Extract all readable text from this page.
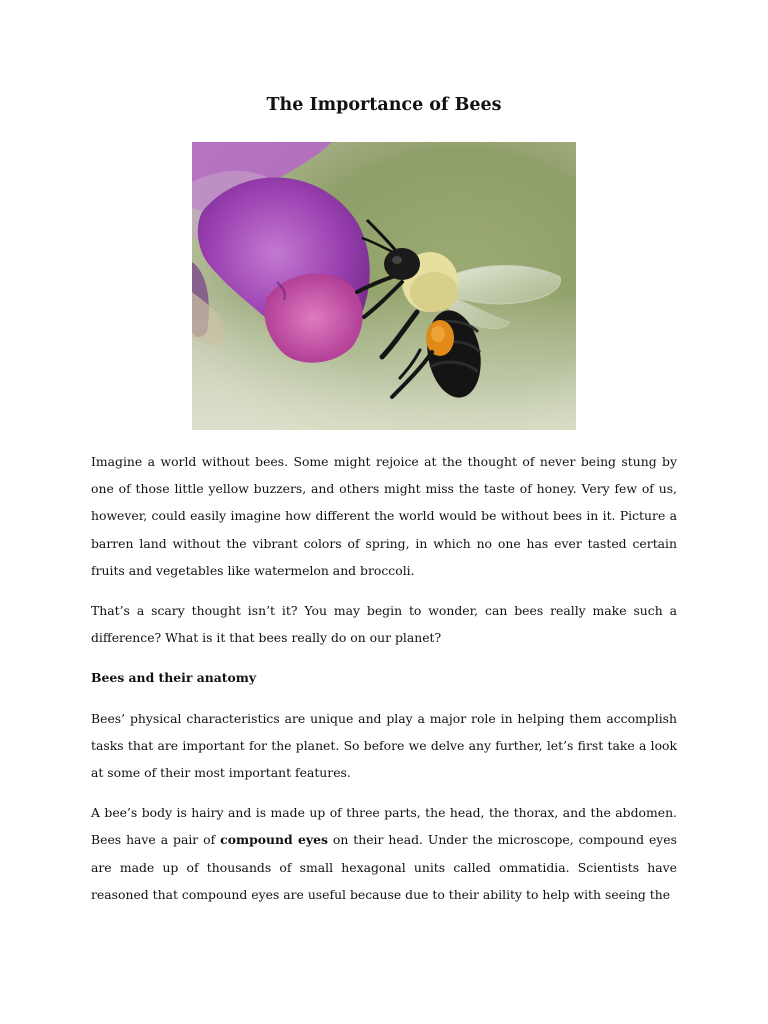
The Importance of Bees

Imagine a world without bees. Some might rejoice at the thought of never being stung by one of those little yellow buzzers, and others might miss the taste of honey. Very few of us, however, could easily imagine how different the world would be without bees in it. Picture a barren land without the vibrant colors of spring, in which no one has ever tasted certain fruits and vegetables like watermelon and broccoli.

That’s a scary thought isn’t it? You may begin to wonder, can bees really make such a difference? What is it that bees really do on our planet?

Bees and their anatomy

Bees’ physical characteristics are unique and play a major role in helping them accomplish tasks that are important for the planet. So before we delve any further, let’s first take a look at some of their most important features.

A bee’s body is hairy and is made up of three parts, the head, the thorax, and the abdomen. Bees have a pair of compound eyes on their head. Under the microscope, compound eyes are made up of thousands of small hexagonal units called ommatidia. Scientists have reasoned that compound eyes are useful because due to their ability to help with seeing the
